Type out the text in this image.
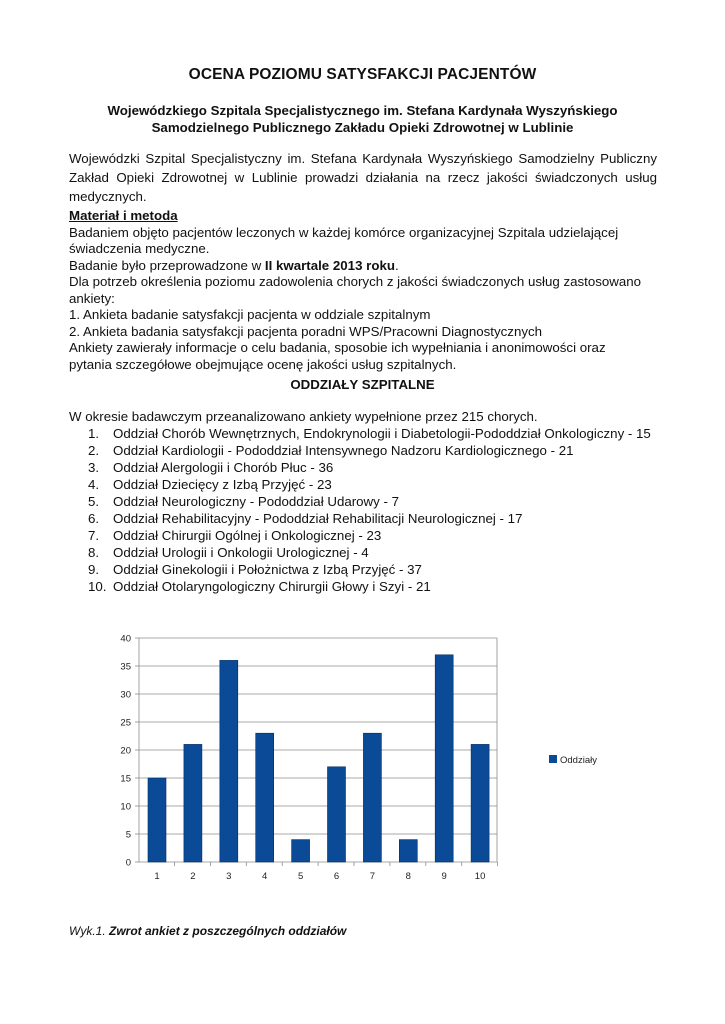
OCENA POZIOMU SATYSFAKCJI PACJENTÓW
Wojewódzkiego Szpitala Specjalistycznego im. Stefana Kardynała Wyszyńskiego
Samodzielnego Publicznego Zakładu Opieki Zdrowotnej w Lublinie
Wojewódzki Szpital Specjalistyczny im. Stefana Kardynała Wyszyńskiego Samodzielny Publiczny Zakład Opieki Zdrowotnej w Lublinie prowadzi działania na rzecz jakości świadczonych usług medycznych.
Materiał i metoda
Badaniem objęto pacjentów leczonych w każdej komórce organizacyjnej Szpitala udzielającej
świadczenia medyczne.
Badanie było przeprowadzone w II kwartale 2013 roku.
Dla potrzeb określenia poziomu zadowolenia chorych z jakości świadczonych usług zastosowano
ankiety:
1. Ankieta badanie satysfakcji pacjenta w oddziale szpitalnym
2. Ankieta badania satysfakcji pacjenta poradni WPS/Pracowni Diagnostycznych
Ankiety zawierały informacje o celu badania, sposobie ich wypełniania i anonimowości oraz
pytania szczegółowe obejmujące ocenę jakości usług szpitalnych.
ODDZIAŁY SZPITALNE
W okresie badawczym przeanalizowano ankiety wypełnione przez 215 chorych.
1. Oddział Chorób Wewnętrznych, Endokrynologii i Diabetologii-Pododdział Onkologiczny - 15
2. Oddział Kardiologii - Pododdział Intensywnego Nadzoru Kardiologicznego - 21
3. Oddział Alergologii i Chorób Płuc - 36
4. Oddział Dziecięcy z Izbą Przyjęć - 23
5. Oddział Neurologiczny - Pododdział Udarowy - 7
6. Oddział Rehabilitacyjny - Pododdział Rehabilitacji Neurologicznej - 17
7. Oddział Chirurgii Ogólnej i Onkologicznej - 23
8. Oddział Urologii i Onkologii Urologicznej - 4
9. Oddział Ginekologii i Położnictwa z Izbą Przyjęć - 37
10. Oddział Otolaryngologiczny Chirurgii Głowy i Szyi - 21
0
5
10
15
20
25
30
35
40
1	2	3	4	5	6	7	8	9	10
Oddziały
Wyk.1. Zwrot ankiet z poszczególnych oddziałów
